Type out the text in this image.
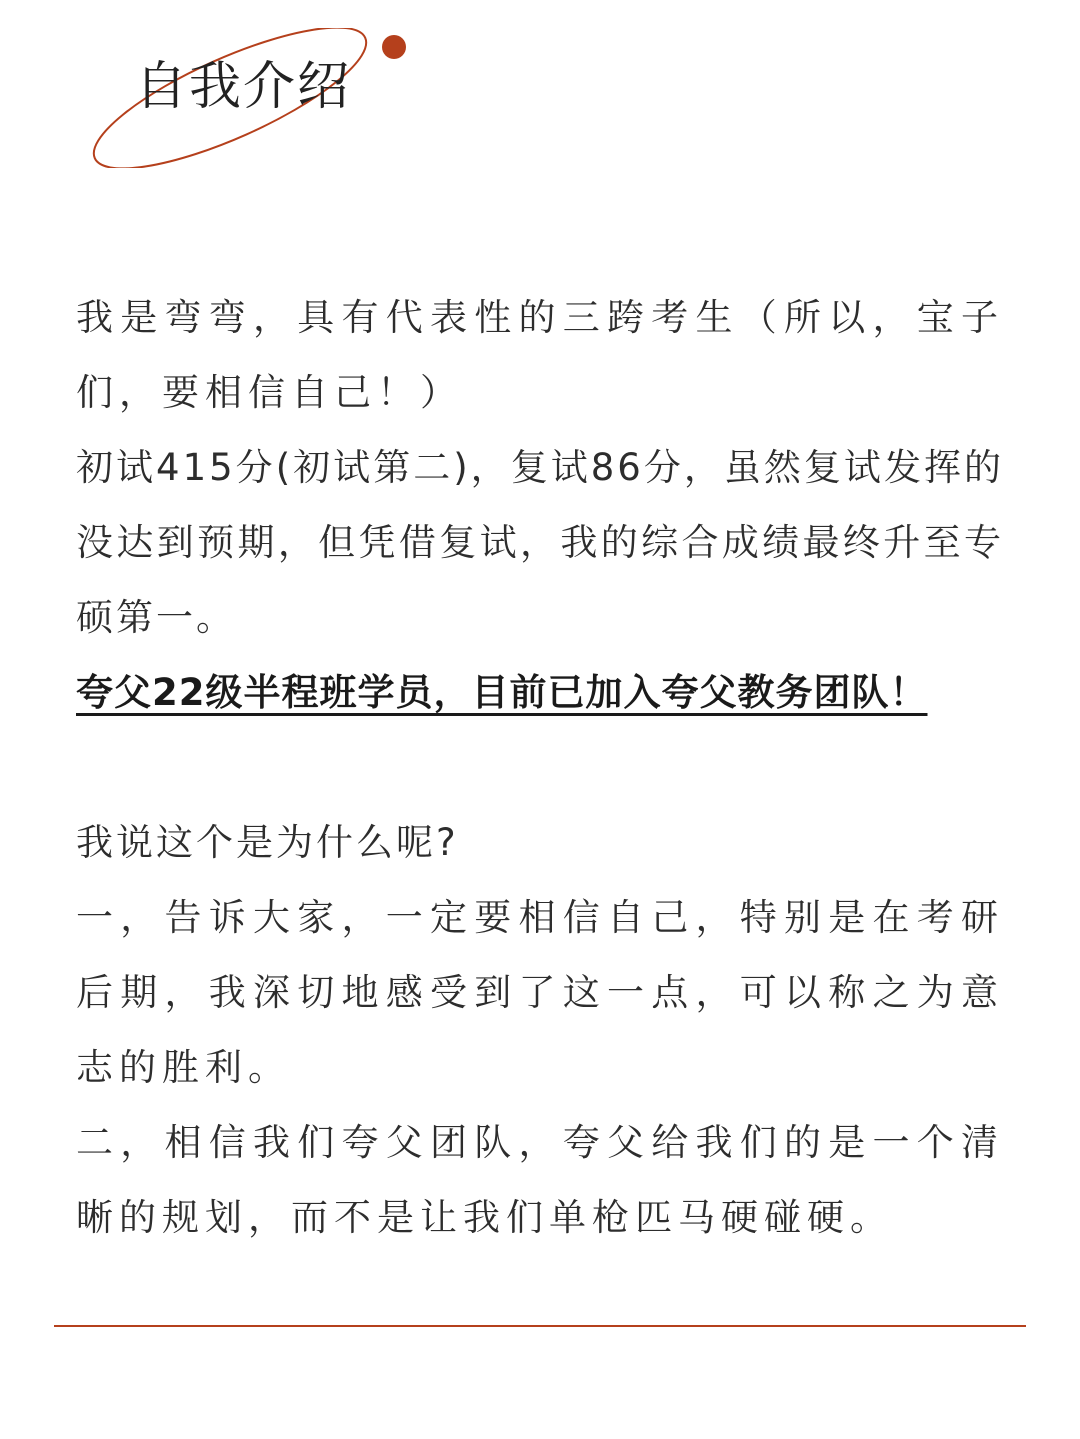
自我介绍

我是弯弯，具有代表性的三跨考生（所以，宝子们，要相信自己！）

初试415分(初试第二)，复试86分，虽然复试发挥的没达到预期，但凭借复试，我的综合成绩最终升至专硕第一。

夸父22级半程班学员，目前已加入夸父教务团队！

我说这个是为什么呢?

一，告诉大家，一定要相信自己，特别是在考研后期，我深切地感受到了这一点，可以称之为意志的胜利。

二，相信我们夸父团队，夸父给我们的是一个清晰的规划，而不是让我们单枪匹马硬碰硬。
